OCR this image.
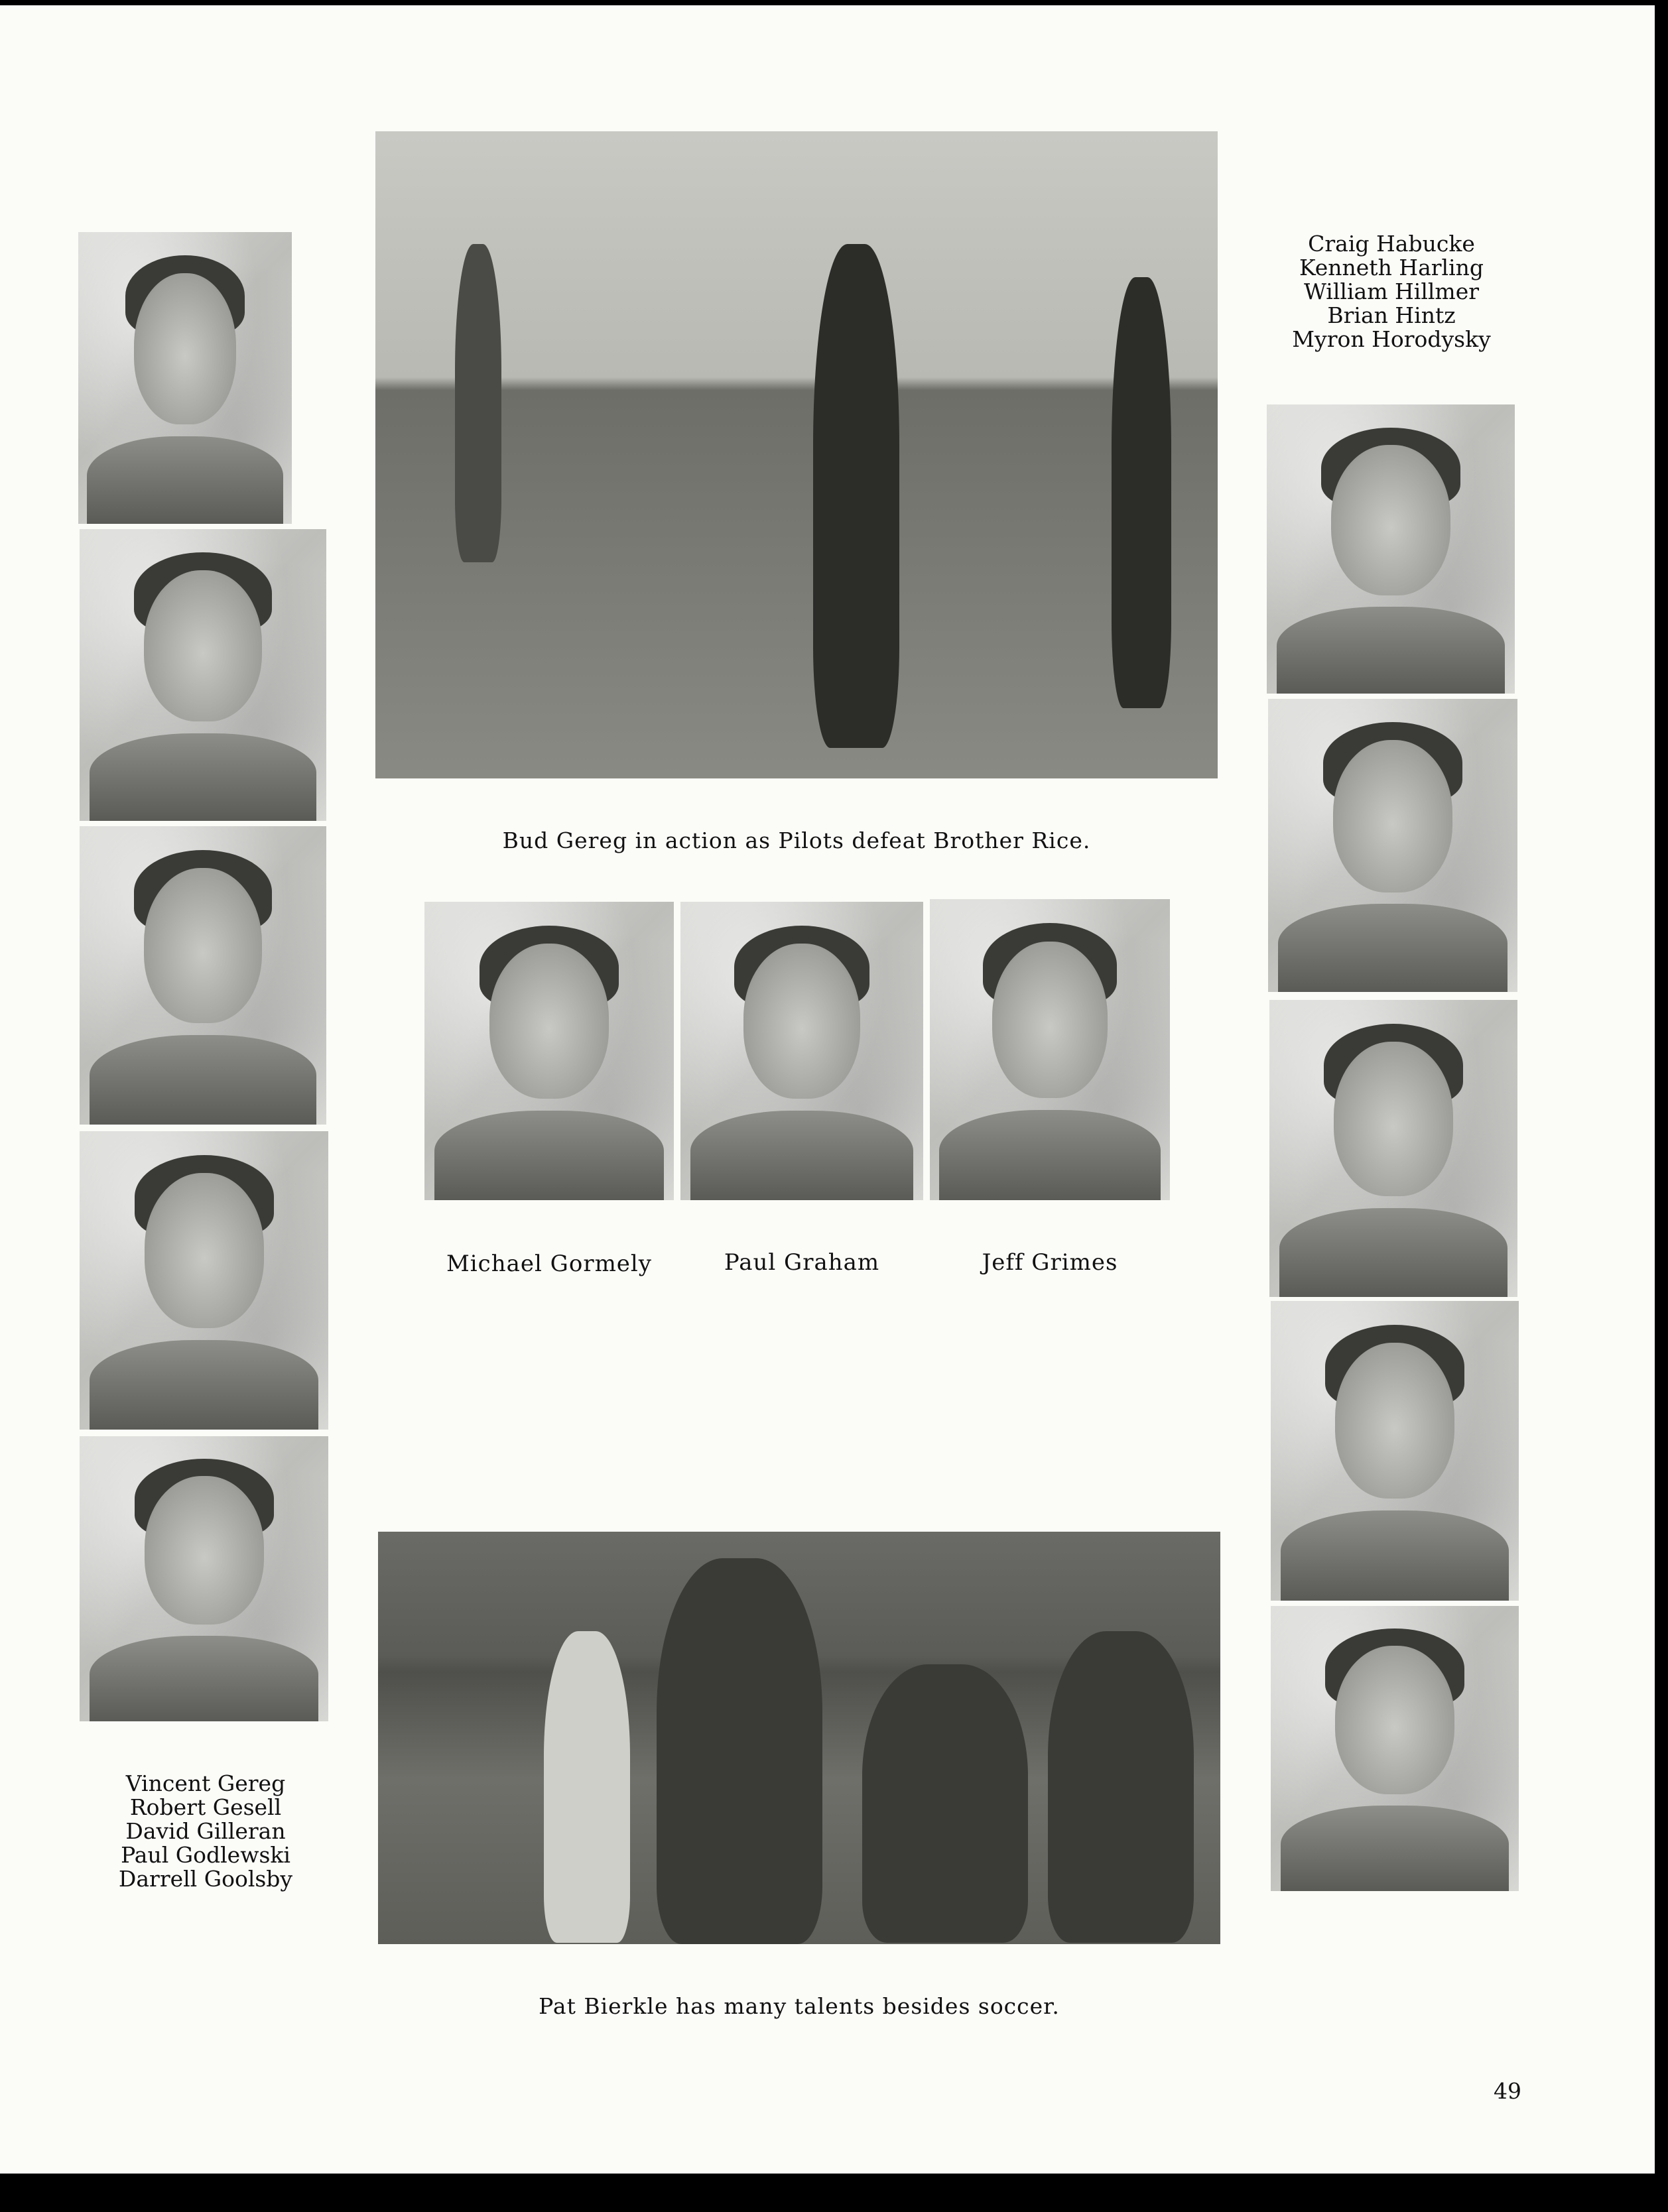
Vincent Gereg
Robert Gesell
David Gilleran
Paul Godlewski
Darrell Goolsby
Bud Gereg in action as Pilots defeat Brother Rice.
Michael Gormely	Paul Graham	Jeff Grimes
Pat Bierkle has many talents besides soccer.
Craig Habucke
Kenneth Harling
William Hillmer
Brian Hintz
Myron Horodysky
49
